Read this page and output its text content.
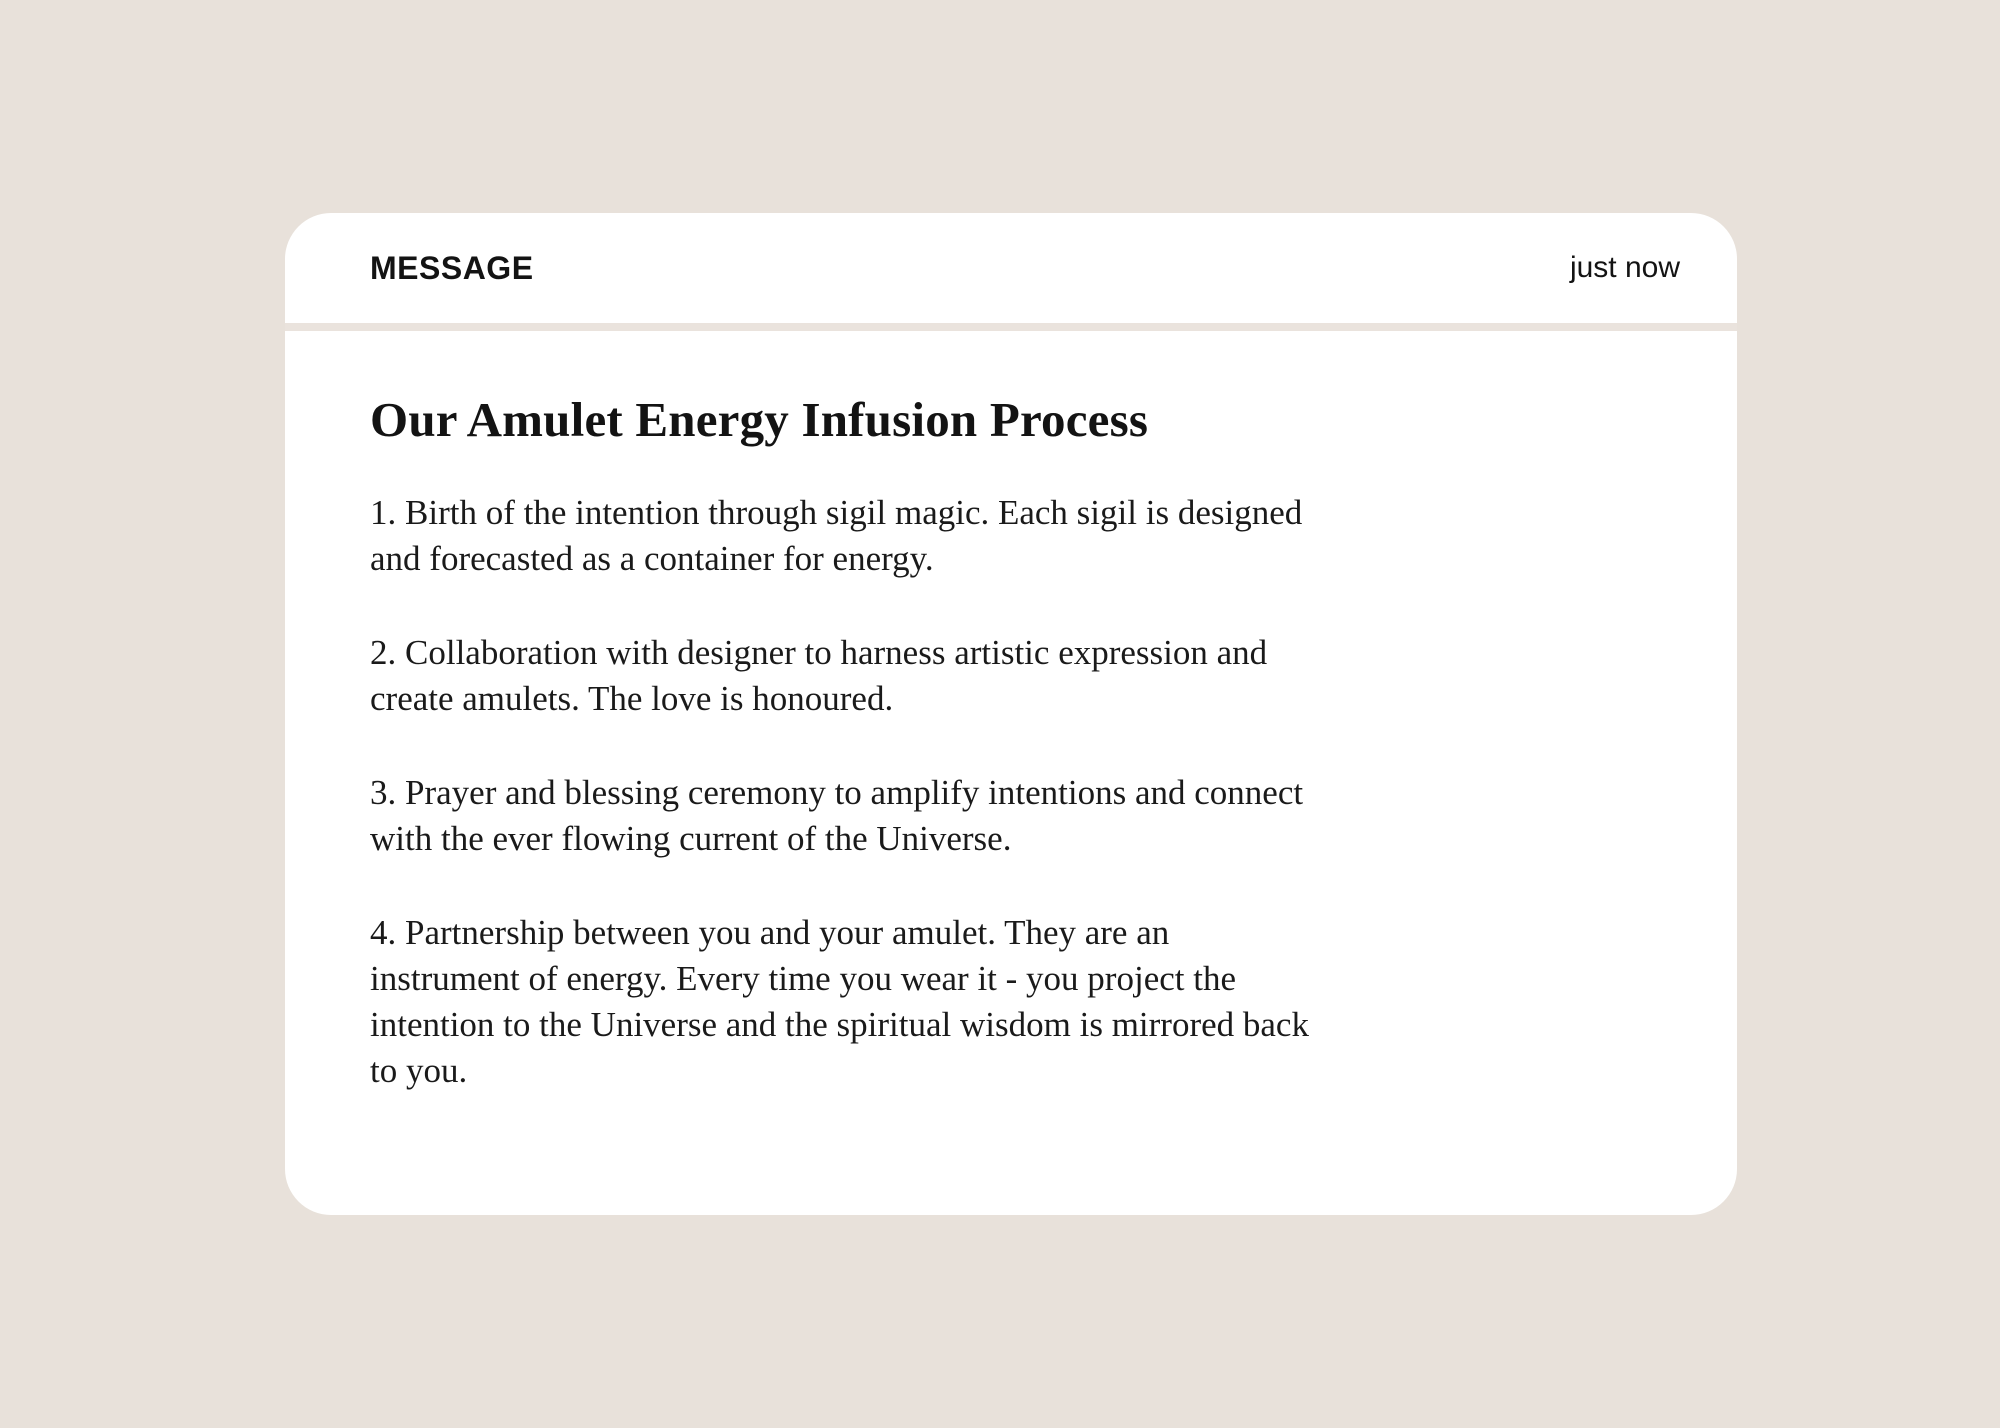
MESSAGE	just now
Our Amulet Energy Infusion Process

1. Birth of the intention through sigil magic. Each sigil is designed
and forecasted as a container for energy.

2. Collaboration with designer to harness artistic expression and
create amulets. The love is honoured.

3. Prayer and blessing ceremony to amplify intentions and connect
with the ever flowing current of the Universe.

4. Partnership between you and your amulet. They are an
instrument of energy. Every time you wear it - you project the
intention to the Universe and the spiritual wisdom is mirrored back
to you.
